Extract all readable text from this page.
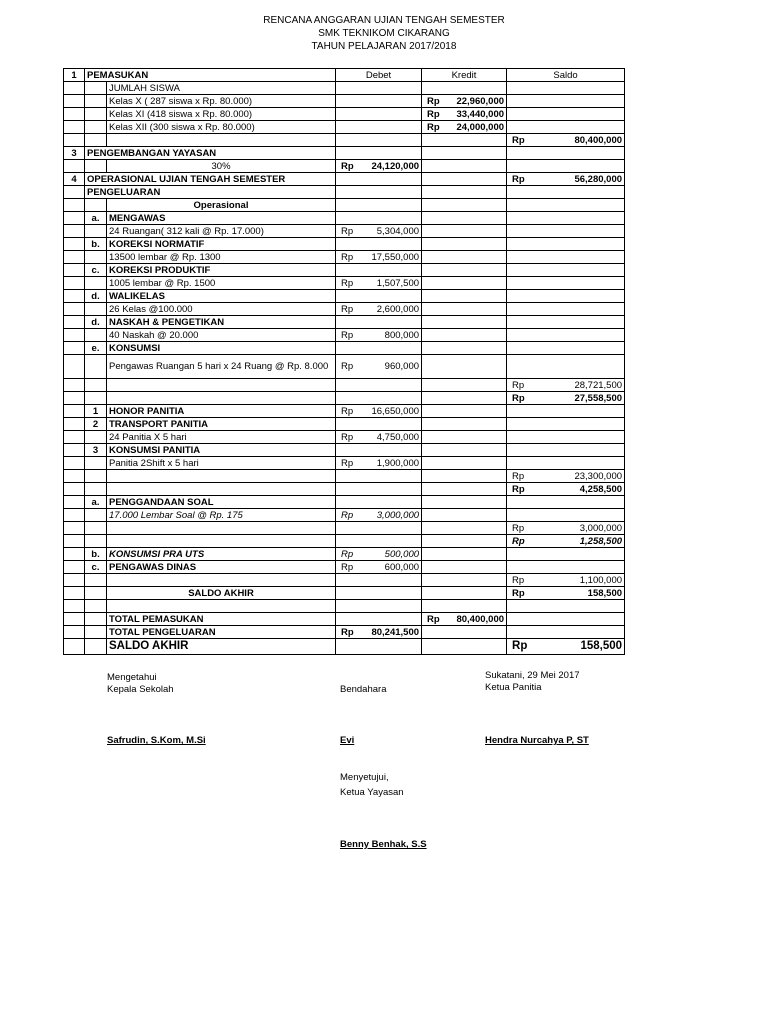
RENCANA ANGGARAN UJIAN TENGAH SEMESTER
SMK TEKNIKOM CIKARANG
TAHUN PELAJARAN 2017/2018
1	PEMASUKAN		Debet	Kredit	Saldo
		JUMLAH SISWA			
		Kelas X ( 287 siswa x Rp. 80.000)		Rp 22,960,000	

		Kelas XI (418 siswa x Rp. 80.000)		Rp 33,440,000	

		Kelas XII (300 siswa x Rp. 80.000)		Rp 24,000,000	

					Rp 80,400,000

3	PENGEMBANGAN YAYASAN				
		30%	Rp 24,120,000		

4	OPERASIONAL UJIAN TENGAH SEMESTER				Rp 56,280,000

	PENGELUARAN				
		Operasional			
	a.	MENGAWAS			
		24 Ruangan( 312 kali @ Rp. 17.000)	Rp 5,304,000		

	b.	KOREKSI NORMATIF			
		13500 lembar @ Rp. 1300	Rp 17,550,000		

	c.	KOREKSI PRODUKTIF			
		1005 lembar @ Rp. 1500	Rp 1,507,500		

	d.	WALIKELAS			
		26 Kelas @100.000	Rp 2,600,000		

	d.	NASKAH & PENGETIKAN			
		40 Naskah @ 20.000	Rp 800,000		

	e.	KONSUMSI			
		Pengawas Ruangan 5 hari x 24 Ruang @ Rp. 8.000	Rp 960,000		

					Rp 28,721,500

					Rp 27,558,500

	1	HONOR PANITIA	Rp 16,650,000		

	2	TRANSPORT PANITIA			
		24 Panitia X 5 hari	Rp 4,750,000		

	3	KONSUMSI PANITIA			
		Panitia 2Shift x 5 hari	Rp 1,900,000		

					Rp 23,300,000

					Rp 4,258,500

	a.	PENGGANDAAN SOAL			
		17.000 Lembar Soal @ Rp. 175	Rp 3,000,000		

					Rp 3,000,000

					Rp 1,258,500

	b.	KONSUMSI PRA UTS	Rp 500,000		

	c.	PENGAWAS DINAS	Rp 600,000		

					Rp 1,100,000

		SALDO AKHIR			Rp 158,500

		TOTAL PEMASUKAN		Rp 80,400,000	

		TOTAL PENGELUARAN	Rp 80,241,500		

		SALDO AKHIR			Rp 158,500
Mengetahui
Kepala Sekolah
Safrudin, S.Kom, M.Si
Bendahara
Evi
Sukatani, 29 Mei 2017
Ketua Panitia
Hendra Nurcahya P, ST
Menyetujui,
Ketua Yayasan
Benny Benhak, S.S
